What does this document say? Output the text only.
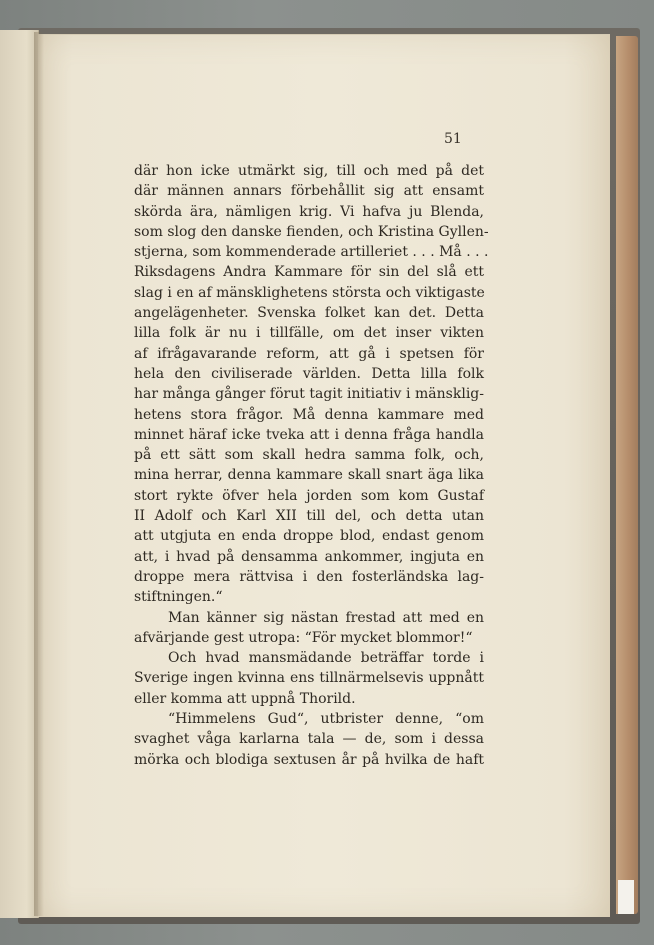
51
där hon icke utmärkt sig, till och med på det
där männen annars förbehållit sig att ensamt
skörda ära, nämligen krig. Vi hafva ju Blenda,
som slog den danske fienden, och Kristina Gyllen-
stjerna, som kommenderade artilleriet . . . Må . . .
Riksdagens Andra Kammare för sin del slå ett
slag i en af mänsklighetens största och viktigaste
angelägenheter. Svenska folket kan det. Detta
lilla folk är nu i tillfälle, om det inser vikten
af ifrågavarande reform, att gå i spetsen för
hela den civiliserade världen. Detta lilla folk
har många gånger förut tagit initiativ i mänsklig-
hetens stora frågor. Må denna kammare med
minnet häraf icke tveka att i denna fråga handla
på ett sätt som skall hedra samma folk, och,
mina herrar, denna kammare skall snart äga lika
stort rykte öfver hela jorden som kom Gustaf
II Adolf och Karl XII till del, och detta utan
att utgjuta en enda droppe blod, endast genom
att, i hvad på densamma ankommer, ingjuta en
droppe mera rättvisa i den fosterländska lag-
stiftningen.“
Man känner sig nästan frestad att med en
afvärjande gest utropa: “För mycket blommor!“
Och hvad mansmädande beträffar torde i
Sverige ingen kvinna ens tillnärmelsevis uppnått
eller komma att uppnå Thorild.
“Himmelens Gud“, utbrister denne, “om
svaghet våga karlarna tala — de, som i dessa
mörka och blodiga sextusen år på hvilka de haft
